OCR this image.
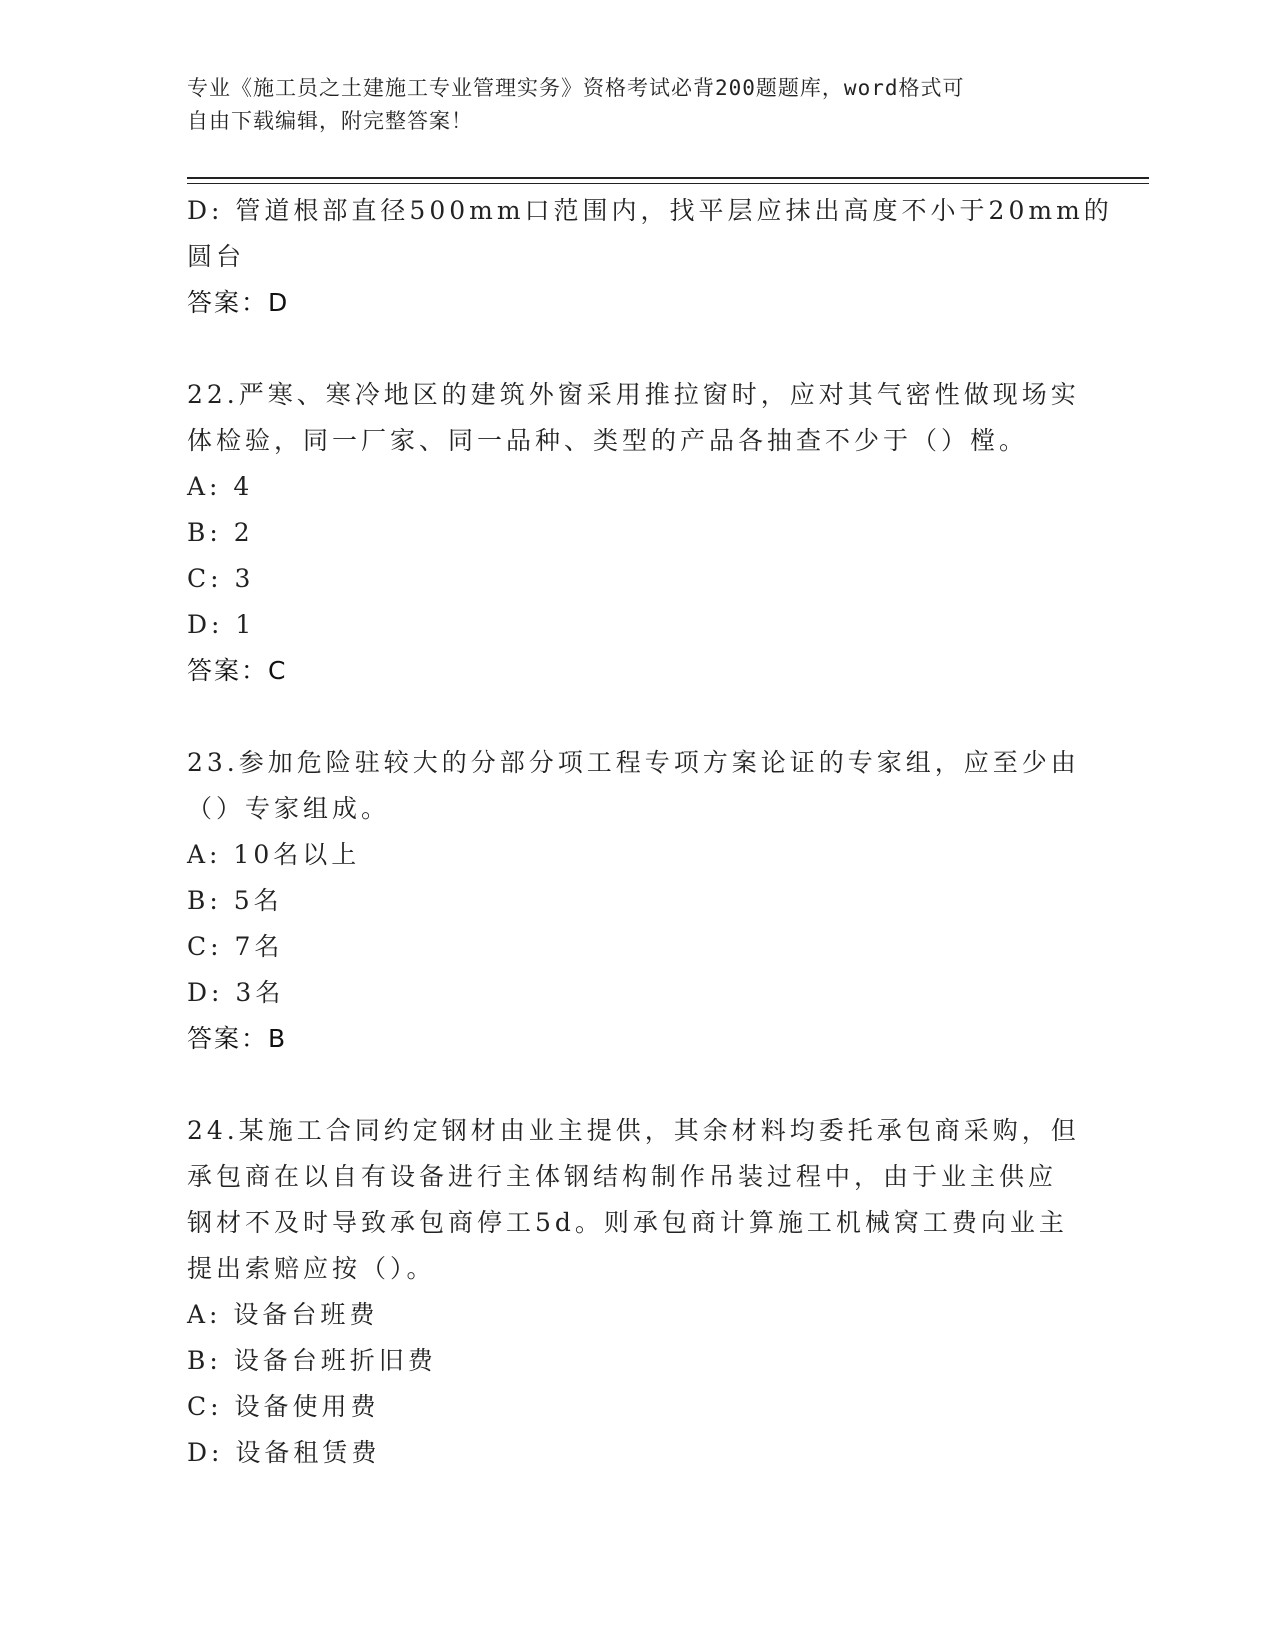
专业《施工员之土建施工专业管理实务》资格考试必背200题题库，word格式可
自由下载编辑，附完整答案！
D: 管道根部直径500mm口范围内，找平层应抹出高度不小于20mm的
圆台
答案：D
22.严寒、寒冷地区的建筑外窗采用推拉窗时，应对其气密性做现场实
体检验，同一厂家、同一品种、类型的产品各抽查不少于（）樘。
A: 4
B: 2
C: 3
D: 1
答案：C
23.参加危险驻较大的分部分项工程专项方案论证的专家组，应至少由
（）专家组成。
A: 10名以上
B: 5名
C: 7名
D: 3名
答案：B
24.某施工合同约定钢材由业主提供，其余材料均委托承包商采购，但
承包商在以自有设备进行主体钢结构制作吊装过程中，由于业主供应
钢材不及时导致承包商停工5d。则承包商计算施工机械窝工费向业主
提出索赔应按（）。
A: 设备台班费
B: 设备台班折旧费
C: 设备使用费
D: 设备租赁费
